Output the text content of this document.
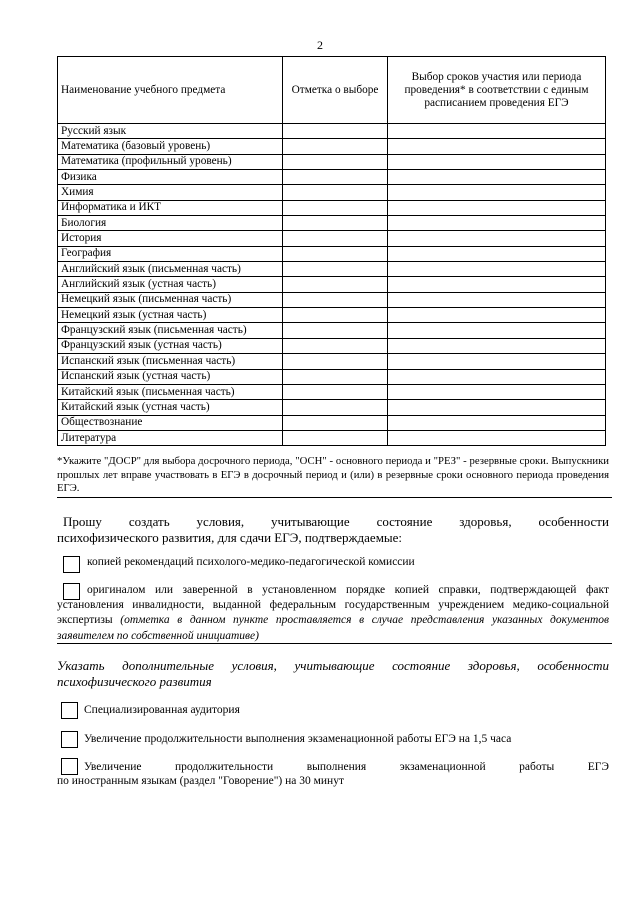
2
Наименование учебного предмета	Отметка о выборе	Выбор сроков участия или периода проведения* в соответствии с единым расписанием проведения ЕГЭ
Русский язык		
Математика (базовый уровень)		
Математика (профильный уровень)		
Физика		
Химия		
Информатика и ИКТ		
Биология		
История		
География		
Английский язык (письменная часть)		
Английский язык (устная часть)		
Немецкий язык (письменная часть)		
Немецкий язык (устная часть)		
Французский язык (письменная часть)		
Французский язык (устная часть)		
Испанский язык (письменная часть)		
Испанский язык (устная часть)		
Китайский язык (письменная часть)		
Китайский язык (устная часть)		
Обществознание		
Литература		
*Укажите "ДОСР" для выбора досрочного периода, "ОСН" - основного периода и "РЕЗ" - резервные сроки. Выпускники прошлых лет вправе участвовать в ЕГЭ в досрочный период и (или) в резервные сроки основного периода проведения ЕГЭ.
Прошу создать условия, учитывающие состояние здоровья, особенности
психофизического развития, для сдачи ЕГЭ, подтверждаемые:
копией рекомендаций психолого-медико-педагогической комиссии
оригиналом или заверенной в установленном порядке копией справки, подтверждающей факт установления инвалидности, выданной федеральным государственным учреждением медико-социальной экспертизы (отметка в данном пункте проставляется в случае представления указанных документов заявителем по собственной инициативе)
Указать дополнительные условия, учитывающие состояние здоровья, особенности
психофизического развития
Специализированная аудитория
Увеличение продолжительности выполнения экзаменационной работы ЕГЭ на 1,5 часа
Увеличение	продолжительности	выполнения	экзаменационной	работы	ЕГЭ
по иностранным языкам (раздел "Говорение") на 30 минут
